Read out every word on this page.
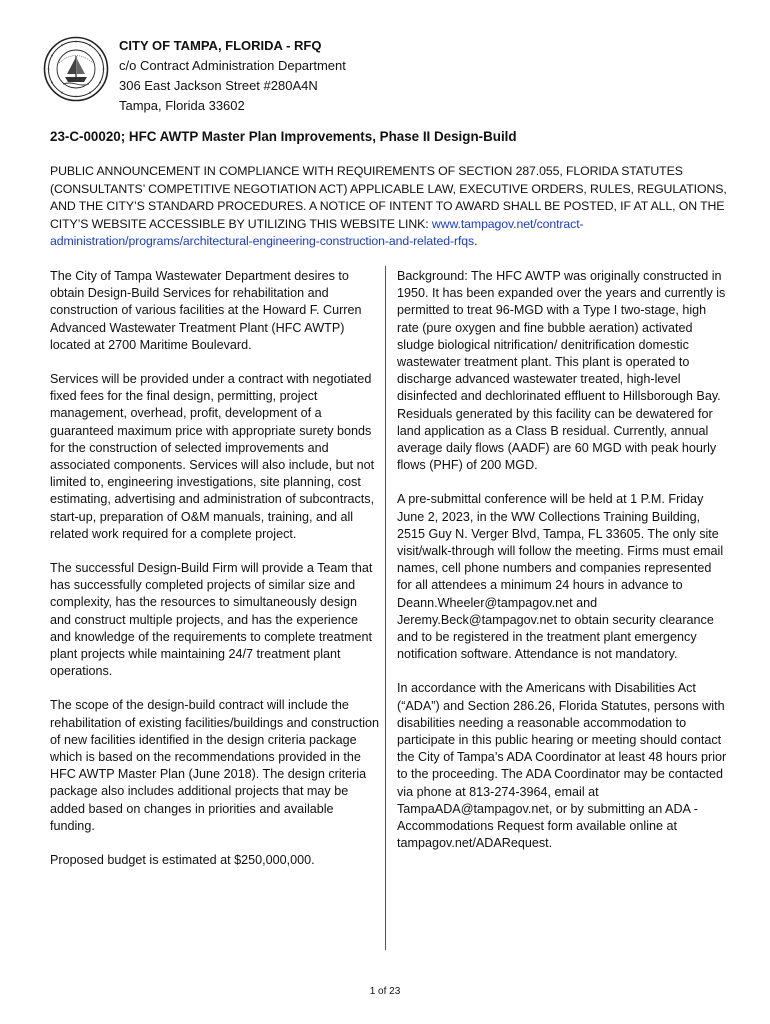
CITY OF TAMPA, FLORIDA - RFQ
c/o Contract Administration Department
306 East Jackson Street #280A4N
Tampa, Florida 33602
23-C-00020; HFC AWTP Master Plan Improvements, Phase II Design-Build
PUBLIC ANNOUNCEMENT IN COMPLIANCE WITH REQUIREMENTS OF SECTION 287.055, FLORIDA STATUTES (CONSULTANTS’ COMPETITIVE NEGOTIATION ACT) APPLICABLE LAW, EXECUTIVE ORDERS, RULES, REGULATIONS, AND THE CITY’S STANDARD PROCEDURES. A NOTICE OF INTENT TO AWARD SHALL BE POSTED, IF AT ALL, ON THE CITY’S WEBSITE ACCESSIBLE BY UTILIZING THIS WEBSITE LINK: www.tampagov.net/contract-administration/programs/architectural-engineering-construction-and-related-rfqs.

The City of Tampa Wastewater Department desires to obtain Design-Build Services for rehabilitation and construction of various facilities at the Howard F. Curren Advanced Wastewater Treatment Plant (HFC AWTP) located at 2700 Maritime Boulevard.

Services will be provided under a contract with negotiated fixed fees for the final design, permitting, project management, overhead, profit, development of a guaranteed maximum price with appropriate surety bonds for the construction of selected improvements and associated components. Services will also include, but not limited to, engineering investigations, site planning, cost estimating, advertising and administration of subcontracts, start-up, preparation of O&M manuals, training, and all related work required for a complete project.

The successful Design-Build Firm will provide a Team that has successfully completed projects of similar size and complexity, has the resources to simultaneously design and construct multiple projects, and has the experience and knowledge of the requirements to complete treatment plant projects while maintaining 24/7 treatment plant operations.

The scope of the design-build contract will include the rehabilitation of existing facilities/buildings and construction of new facilities identified in the design criteria package which is based on the recommendations provided in the HFC AWTP Master Plan (June 2018). The design criteria package also includes additional projects that may be added based on changes in priorities and available funding.

Proposed budget is estimated at $250,000,000.

Background: The HFC AWTP was originally constructed in 1950. It has been expanded over the years and currently is permitted to treat 96-MGD with a Type I two-stage, high rate (pure oxygen and fine bubble aeration) activated sludge biological nitrification/ denitrification domestic wastewater treatment plant. This plant is operated to discharge advanced wastewater treated, high-level disinfected and dechlorinated effluent to Hillsborough Bay. Residuals generated by this facility can be dewatered for land application as a Class B residual. Currently, annual average daily flows (AADF) are 60 MGD with peak hourly flows (PHF) of 200 MGD.

A pre-submittal conference will be held at 1 P.M. Friday June 2, 2023, in the WW Collections Training Building, 2515 Guy N. Verger Blvd, Tampa, FL 33605. The only site visit/walk-through will follow the meeting. Firms must email names, cell phone numbers and companies represented for all attendees a minimum 24 hours in advance to Deann.Wheeler@tampagov.net and Jeremy.Beck@tampagov.net to obtain security clearance and to be registered in the treatment plant emergency notification software. Attendance is not mandatory.

In accordance with the Americans with Disabilities Act (“ADA”) and Section 286.26, Florida Statutes, persons with disabilities needing a reasonable accommodation to participate in this public hearing or meeting should contact the City of Tampa’s ADA Coordinator at least 48 hours prior to the proceeding. The ADA Coordinator may be contacted via phone at 813-274-3964, email at TampaADA@tampagov.net, or by submitting an ADA - Accommodations Request form available online at tampagov.net/ADARequest.

1 of 23
